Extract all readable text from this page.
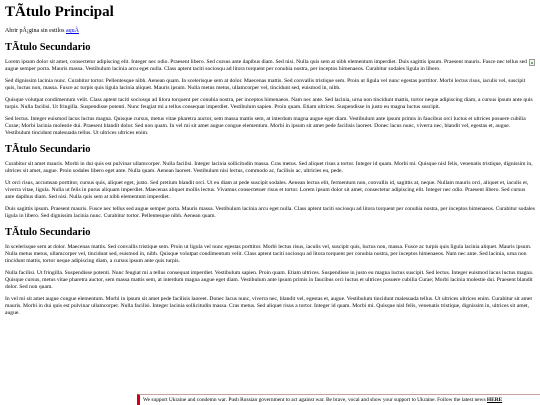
TÃtulo Principal
Abrir pÃ¡gina sin estilos aquÃ
TÃtulo Secundario

Lorem ipsum dolor sit amet, consectetur adipiscing elit. Integer nec odio. Praesent libero. Sed cursus ante dapibus diam. Sed nisi. Nulla quis sem at nibh elementum imperdiet. Duis sagittis ipsum. Praesent mauris. Fusce nec tellus sed augue semper porta. Mauris massa. Vestibulum lacinia arcu eget nulla. Class aptent taciti sociosqu ad litora torquent per conubia nostra, per inceptos himenaeos. Curabitur sodales ligula in libero.

Sed dignissim lacinia nunc. Curabitur tortor. Pellentesque nibh. Aenean quam. In scelerisque sem at dolor. Maecenas mattis. Sed convallis tristique sem. Proin ut ligula vel nunc egestas porttitor. Morbi lectus risus, iaculis vel, suscipit quis, luctus non, massa. Fusce ac turpis quis ligula lacinia aliquet. Mauris ipsum. Nulla metus metus, ullamcorper vel, tincidunt sed, euismod in, nibh.

Quisque volutpat condimentum velit. Class aptent taciti sociosqu ad litora torquent per conubia nostra, per inceptos himenaeos. Nam nec ante. Sed lacinia, urna non tincidunt mattis, tortor neque adipiscing diam, a cursus ipsum ante quis turpis. Nulla facilisi. Ut fringilla. Suspendisse potenti. Nunc feugiat mi a tellus consequat imperdiet. Vestibulum sapien. Proin quam. Etiam ultrices. Suspendisse in justo eu magna luctus suscipit.

Sed lectus. Integer euismod lacus luctus magna. Quisque cursus, metus vitae pharetra auctor, sem massa mattis sem, at interdum magna augue eget diam. Vestibulum ante ipsum primis in faucibus orci luctus et ultrices posuere cubilia Curae; Morbi lacinia molestie dui. Praesent blandit dolor. Sed non quam. In vel mi sit amet augue congue elementum. Morbi in ipsum sit amet pede facilisis laoreet. Donec lacus nunc, viverra nec, blandit vel, egestas et, augue. Vestibulum tincidunt malesuada tellus. Ut ultrices ultrices enim.

TÃtulo Secundario

Curabitur sit amet mauris. Morbi in dui quis est pulvinar ullamcorper. Nulla facilisi. Integer lacinia sollicitudin massa. Cras metus. Sed aliquet risus a tortor. Integer id quam. Morbi mi. Quisque nisl felis, venenatis tristique, dignissim in, ultrices sit amet, augue. Proin sodales libero eget ante. Nulla quam. Aenean laoreet. Vestibulum nisi lectus, commodo ac, facilisis ac, ultricies eu, pede.

Ut orci risus, accumsan porttitor, cursus quis, aliquet eget, justo. Sed pretium blandit orci. Ut eu diam at pede suscipit sodales. Aenean lectus elit, fermentum non, convallis id, sagittis at, neque. Nullam mauris orci, aliquet et, iaculis et, viverra vitae, ligula. Nulla ut felis in purus aliquam imperdiet. Maecenas aliquet mollis lectus. Vivamus consectetuer risus et tortor. Lorem ipsum dolor sit amet, consectetur adipiscing elit. Integer nec odio. Praesent libero. Sed cursus ante dapibus diam. Sed nisi. Nulla quis sem at nibh elementum imperdiet.

Duis sagittis ipsum. Praesent mauris. Fusce nec tellus sed augue semper porta. Mauris massa. Vestibulum lacinia arcu eget nulla. Class aptent taciti sociosqu ad litora torquent per conubia nostra, per inceptos himenaeos. Curabitur sodales ligula in libero. Sed dignissim lacinia nunc. Curabitur tortor. Pellentesque nibh. Aenean quam.

TÃtulo Secundario

In scelerisque sem at dolor. Maecenas mattis. Sed convallis tristique sem. Proin ut ligula vel nunc egestas porttitor. Morbi lectus risus, iaculis vel, suscipit quis, luctus non, massa. Fusce ac turpis quis ligula lacinia aliquet. Mauris ipsum. Nulla metus metus, ullamcorper vel, tincidunt sed, euismod in, nibh. Quisque volutpat condimentum velit. Class aptent taciti sociosqu ad litora torquent per conubia nostra, per inceptos himenaeos. Nam nec ante. Sed lacinia, urna non tincidunt mattis, tortor neque adipiscing diam, a cursus ipsum ante quis turpis.

Nulla facilisi. Ut fringilla. Suspendisse potenti. Nunc feugiat mi a tellus consequat imperdiet. Vestibulum sapien. Proin quam. Etiam ultrices. Suspendisse in justo eu magna luctus suscipit. Sed lectus. Integer euismod lacus luctus magna. Quisque cursus, metus vitae pharetra auctor, sem massa mattis sem, at interdum magna augue eget diam. Vestibulum ante ipsum primis in faucibus orci luctus et ultrices posuere cubilia Curae; Morbi lacinia molestie dui. Praesent blandit dolor. Sed non quam.

In vel mi sit amet augue congue elementum. Morbi in ipsum sit amet pede facilisis laoreet. Donec lacus nunc, viverra nec, blandit vel, egestas et, augue. Vestibulum tincidunt malesuada tellus. Ut ultrices ultrices enim. Curabitur sit amet mauris. Morbi in dui quis est pulvinar ullamcorper. Nulla facilisi. Integer lacinia sollicitudin massa. Cras metus. Sed aliquet risus a tortor. Integer id quam. Morbi mi. Quisque nisl felis, venenatis tristique, dignissim in, ultrices sit amet, augue.

We support Ukraine and condemn war. Push Russian government to act against war. Be brave, vocal and show your support to Ukraine. Follow the latest news HERE
